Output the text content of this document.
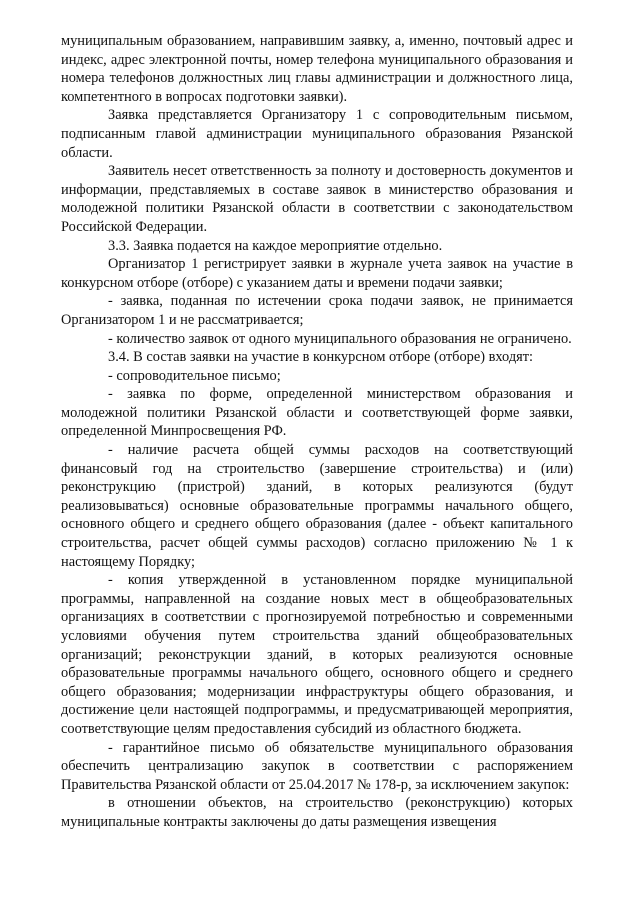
муниципальным образованием, направившим заявку, а, именно, почтовый адрес и индекс, адрес электронной почты, номер телефона муниципального образования и номера телефонов должностных лиц главы администрации и должностного лица, компетентного в вопросах подготовки заявки).

Заявка представляется Организатору 1 с сопроводительным письмом, подписанным главой администрации муниципального образования Рязанской области.

Заявитель несет ответственность за полноту и достоверность документов и информации, представляемых в составе заявок в министерство образования и молодежной политики Рязанской области в соответствии с законодательством Российской Федерации.

3.3. Заявка подается на каждое мероприятие отдельно.

Организатор 1 регистрирует заявки в журнале учета заявок на участие в конкурсном отборе (отборе) с указанием даты и времени подачи заявки;

- заявка, поданная по истечении срока подачи заявок, не принимается Организатором 1 и не рассматривается;

- количество заявок от одного муниципального образования не ограничено.

3.4. В состав заявки на участие в конкурсном отборе (отборе) входят:

- сопроводительное письмо;

- заявка по форме, определенной министерством образования и молодежной политики Рязанской области и соответствующей форме заявки, определенной Минпросвещения РФ.

- наличие расчета общей суммы расходов на соответствующий финансовый год на строительство (завершение строительства) и (или) реконструкцию (пристрой) зданий, в которых реализуются (будут реализовываться) основные образовательные программы начального общего, основного общего и среднего общего образования (далее - объект капитального строительства, расчет общей суммы расходов) согласно приложению № 1 к настоящему Порядку;

- копия утвержденной в установленном порядке муниципальной программы, направленной на создание новых мест в общеобразовательных организациях в соответствии с прогнозируемой потребностью и современными условиями обучения путем строительства зданий общеобразовательных организаций; реконструкции зданий, в которых реализуются основные образовательные программы начального общего, основного общего и среднего общего образования; модернизации инфраструктуры общего образования, и достижение цели настоящей подпрограммы, и предусматривающей мероприятия, соответствующие целям предоставления субсидий из областного бюджета.

- гарантийное письмо об обязательстве муниципального образования обеспечить централизацию закупок в соответствии с распоряжением Правительства Рязанской области от 25.04.2017 № 178-р, за исключением закупок:

в отношении объектов, на строительство (реконструкцию) которых муниципальные контракты заключены до даты размещения извещения
